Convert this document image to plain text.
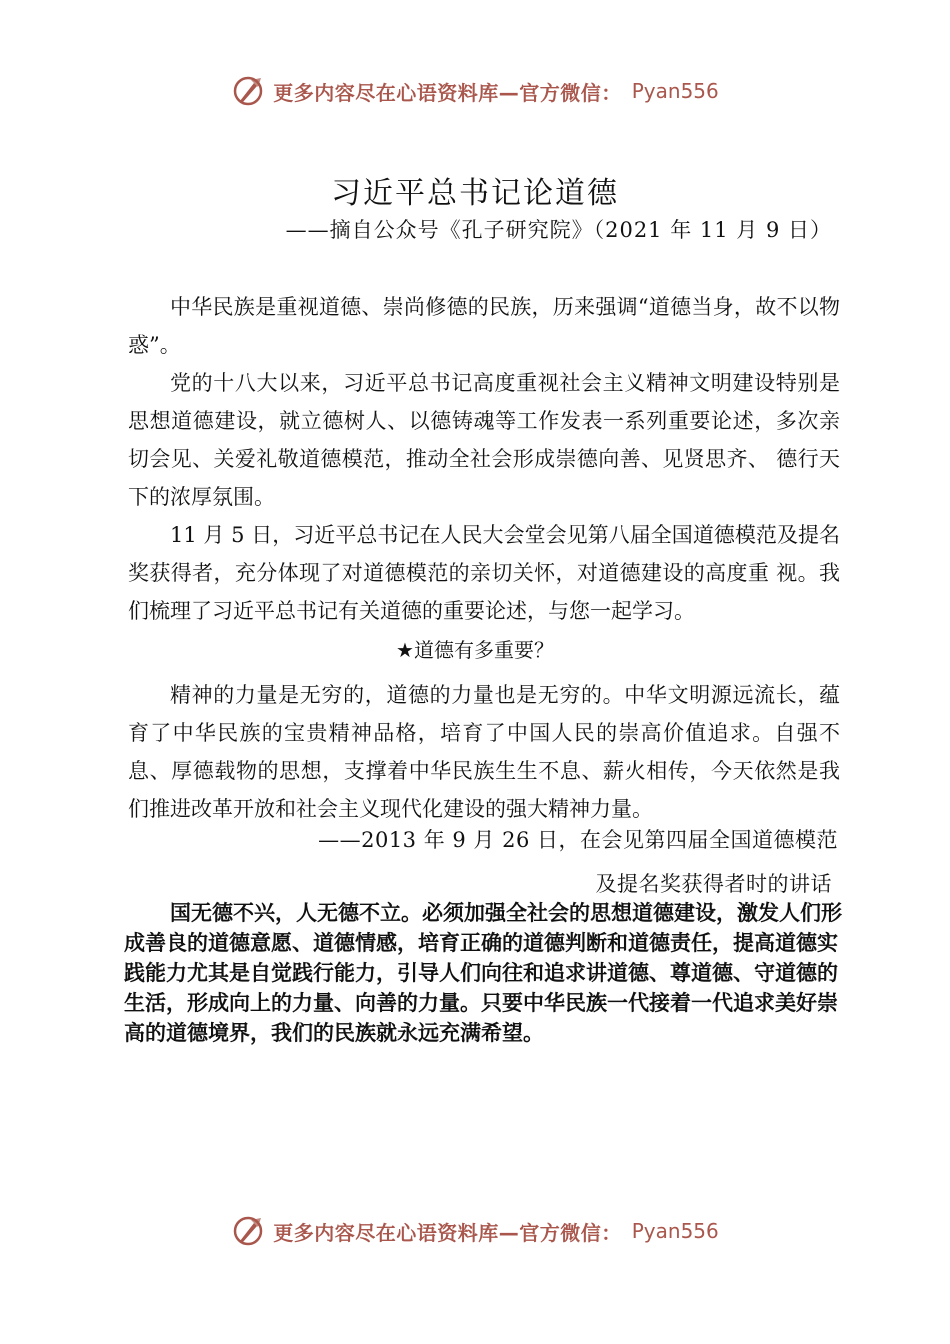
更多内容尽在心语资料库—官方微信： Pyan556
习近平总书记论道德
——摘自公众号《孔子研究院》（2021 年 11 月 9 日）

中华民族是重视道德、崇尚修德的民族，历来强调“道德当身，故不以物惑”。

党的十八大以来，习近平总书记高度重视社会主义精神文明建设特别是思想道德建设，就立德树人、以德铸魂等工作发表一系列重要论述，多次亲切会见、关爱礼敬道德模范，推动全社会形成崇德向善、见贤思齐、 德行天下的浓厚氛围。

11 月 5 日，习近平总书记在人民大会堂会见第八届全国道德模范及提名奖获得者，充分体现了对道德模范的亲切关怀，对道德建设的高度重 视。我们梳理了习近平总书记有关道德的重要论述，与您一起学习。

★道德有多重要？

精神的力量是无穷的，道德的力量也是无穷的。中华文明源远流长，蕴育了中华民族的宝贵精神品格，培育了中国人民的崇高价值追求。自强不息、厚德载物的思想，支撑着中华民族生生不息、薪火相传，今天依然是我们推进改革开放和社会主义现代化建设的强大精神力量。

——2013 年 9 月 26 日，在会见第四届全国道德模范
及提名奖获得者时的讲话

国无德不兴，人无德不立。必须加强全社会的思想道德建设，激发人们形成善良的道德意愿、道德情感，培育正确的道德判断和道德责任，提高道德实践能力尤其是自觉践行能力，引导人们向往和追求讲道德、尊道德、守道德的生活，形成向上的力量、向善的力量。只要中华民族一代接着一代追求美好崇高的道德境界，我们的民族就永远充满希望。

更多内容尽在心语资料库—官方微信： Pyan556
